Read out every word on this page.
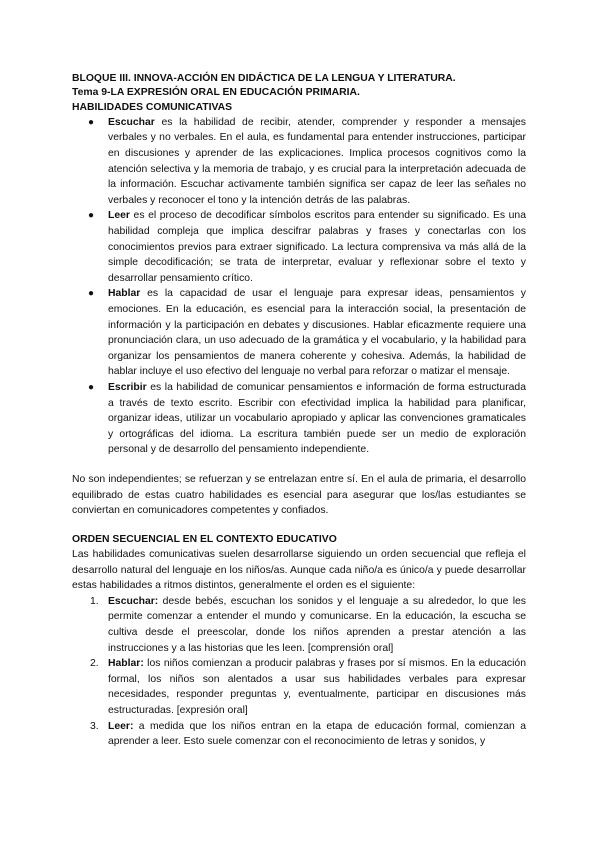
BLOQUE III. INNOVA-ACCIÓN EN DIDÁCTICA DE LA LENGUA Y LITERATURA.
Tema 9-LA EXPRESIÓN ORAL EN EDUCACIÓN PRIMARIA.
HABILIDADES COMUNICATIVAS
● Escuchar es la habilidad de recibir, atender, comprender y responder a mensajes verbales y no verbales. En el aula, es fundamental para entender instrucciones, participar en discusiones y aprender de las explicaciones. Implica procesos cognitivos como la atención selectiva y la memoria de trabajo, y es crucial para la interpretación adecuada de la información. Escuchar activamente también significa ser capaz de leer las señales no verbales y reconocer el tono y la intención detrás de las palabras.
● Leer es el proceso de decodificar símbolos escritos para entender su significado. Es una habilidad compleja que implica descifrar palabras y frases y conectarlas con los conocimientos previos para extraer significado. La lectura comprensiva va más allá de la simple decodificación; se trata de interpretar, evaluar y reflexionar sobre el texto y desarrollar pensamiento crítico.
● Hablar es la capacidad de usar el lenguaje para expresar ideas, pensamientos y emociones. En la educación, es esencial para la interacción social, la presentación de información y la participación en debates y discusiones. Hablar eficazmente requiere una pronunciación clara, un uso adecuado de la gramática y el vocabulario, y la habilidad para organizar los pensamientos de manera coherente y cohesiva. Además, la habilidad de hablar incluye el uso efectivo del lenguaje no verbal para reforzar o matizar el mensaje.
● Escribir es la habilidad de comunicar pensamientos e información de forma estructurada a través de texto escrito. Escribir con efectividad implica la habilidad para planificar, organizar ideas, utilizar un vocabulario apropiado y aplicar las convenciones gramaticales y ortográficas del idioma. La escritura también puede ser un medio de exploración personal y de desarrollo del pensamiento independiente.

No son independientes; se refuerzan y se entrelazan entre sí. En el aula de primaria, el desarrollo equilibrado de estas cuatro habilidades es esencial para asegurar que los/las estudiantes se conviertan en comunicadores competentes y confiados.

ORDEN SECUENCIAL EN EL CONTEXTO EDUCATIVO

Las habilidades comunicativas suelen desarrollarse siguiendo un orden secuencial que refleja el desarrollo natural del lenguaje en los niños/as. Aunque cada niño/a es único/a y puede desarrollar estas habilidades a ritmos distintos, generalmente el orden es el siguiente:

1. Escuchar: desde bebés, escuchan los sonidos y el lenguaje a su alrededor, lo que les permite comenzar a entender el mundo y comunicarse. En la educación, la escucha se cultiva desde el preescolar, donde los niños aprenden a prestar atención a las instrucciones y a las historias que les leen. [comprensión oral]
2. Hablar: los niños comienzan a producir palabras y frases por sí mismos. En la educación formal, los niños son alentados a usar sus habilidades verbales para expresar necesidades, responder preguntas y, eventualmente, participar en discusiones más estructuradas. [expresión oral]
3. Leer: a medida que los niños entran en la etapa de educación formal, comienzan a aprender a leer. Esto suele comenzar con el reconocimiento de letras y sonidos, y
